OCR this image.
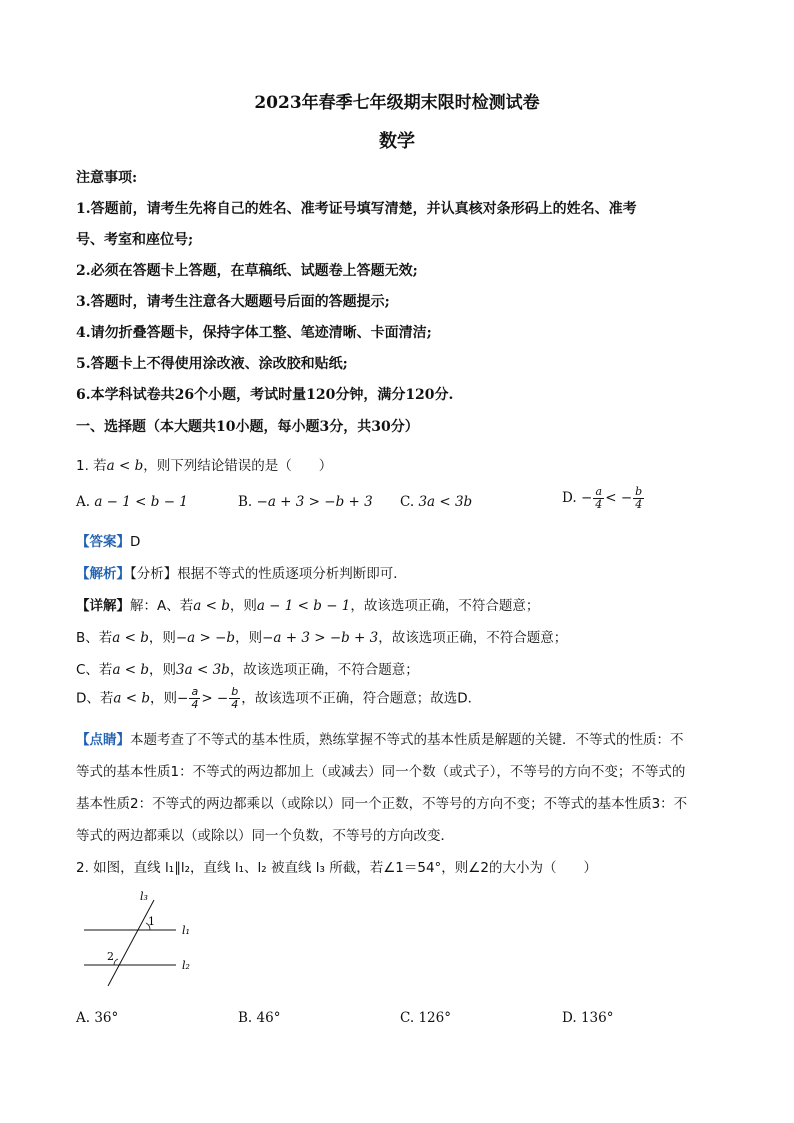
2023年春季七年级期末限时检测试卷
数学
注意事项:
1.答题前，请考生先将自己的姓名、准考证号填写清楚，并认真核对条形码上的姓名、准考
号、考室和座位号;
2.必须在答题卡上答题，在草稿纸、试题卷上答题无效;
3.答题时，请考生注意各大题题号后面的答题提示;
4.请勿折叠答题卡，保持字体工整、笔迹清晰、卡面清洁;
5.答题卡上不得使用涂改液、涂改胶和贴纸;
6.本学科试卷共26个小题，考试时量120分钟，满分120分.
一、选择题（本大题共10小题，每小题3分，共30分）
1. 若a < b，则下列结论错误的是（　　）
A. a − 1 < b − 1	B. −a + 3 > −b + 3 C. 3a < 3b	D. − $\frac{a}{4}$ < − $\frac{b}{4}$
【答案】D
【解析】【分析】根据不等式的性质逐项分析判断即可．
【详解】解：A、若a < b，则a − 1 < b − 1，故该选项正确，不符合题意；
B、若a < b，则−a > −b，则−a + 3 > −b + 3，故该选项正确，不符合题意；
C、若a < b，则3a < 3b，故该选项正确，不符合题意；
D、若a < b，则− $\frac{a}{4}$ > − $\frac{b}{4}$ ，故该选项不正确，符合题意；故选D．
【点睛】本题考查了不等式的基本性质，熟练掌握不等式的基本性质是解题的关键．不等式的性质：不
等式的基本性质1：不等式的两边都加上（或减去）同一个数（或式子），不等号的方向不变；不等式的
基本性质2：不等式的两边都乘以（或除以）同一个正数，不等号的方向不变；不等式的基本性质3：不
等式的两边都乘以（或除以）同一个负数，不等号的方向改变．
2. 如图，直线 l₁∥l₂，直线 l₁、l₂ 被直线 l₃ 所截，若∠1＝54°，则∠2的大小为（　　）
l₃
1
l₁
2
l₂
A. 36°	B. 46°	C. 126°	D. 136°
